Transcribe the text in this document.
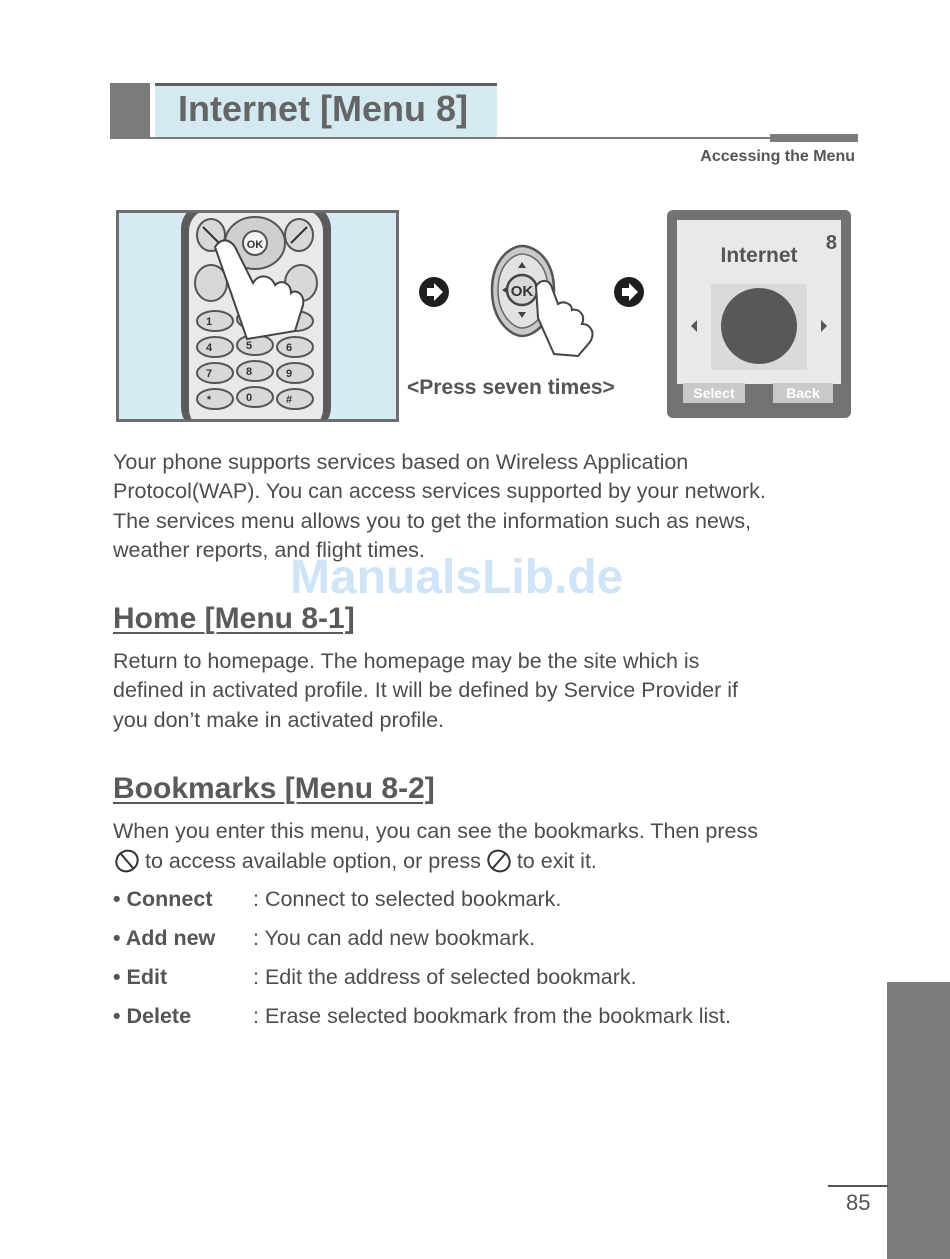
Internet [Menu 8]
Accessing the Menu
OK
1
4	5	6
7	8	9
*	0	#
OK
<Press seven times>
8
Internet
Select	Back
Your phone supports services based on Wireless Application
Protocol(WAP). You can access services supported by your network.
The services menu allows you to get the information such as news,
weather reports, and flight times.
ManualsLib.de
Home [Menu 8-1]
Return to homepage. The homepage may be the site which is
defined in activated profile. It will be defined by Service Provider if
you don’t make in activated profile.
Bookmarks [Menu 8-2]
When you enter this menu, you can see the bookmarks. Then press
to access available option, or press to exit it.
• Connect : Connect to selected bookmark.
• Add new : You can add new bookmark.
• Edit	: Edit the address of selected bookmark.
• Delete	: Erase selected bookmark from the bookmark list.
85
